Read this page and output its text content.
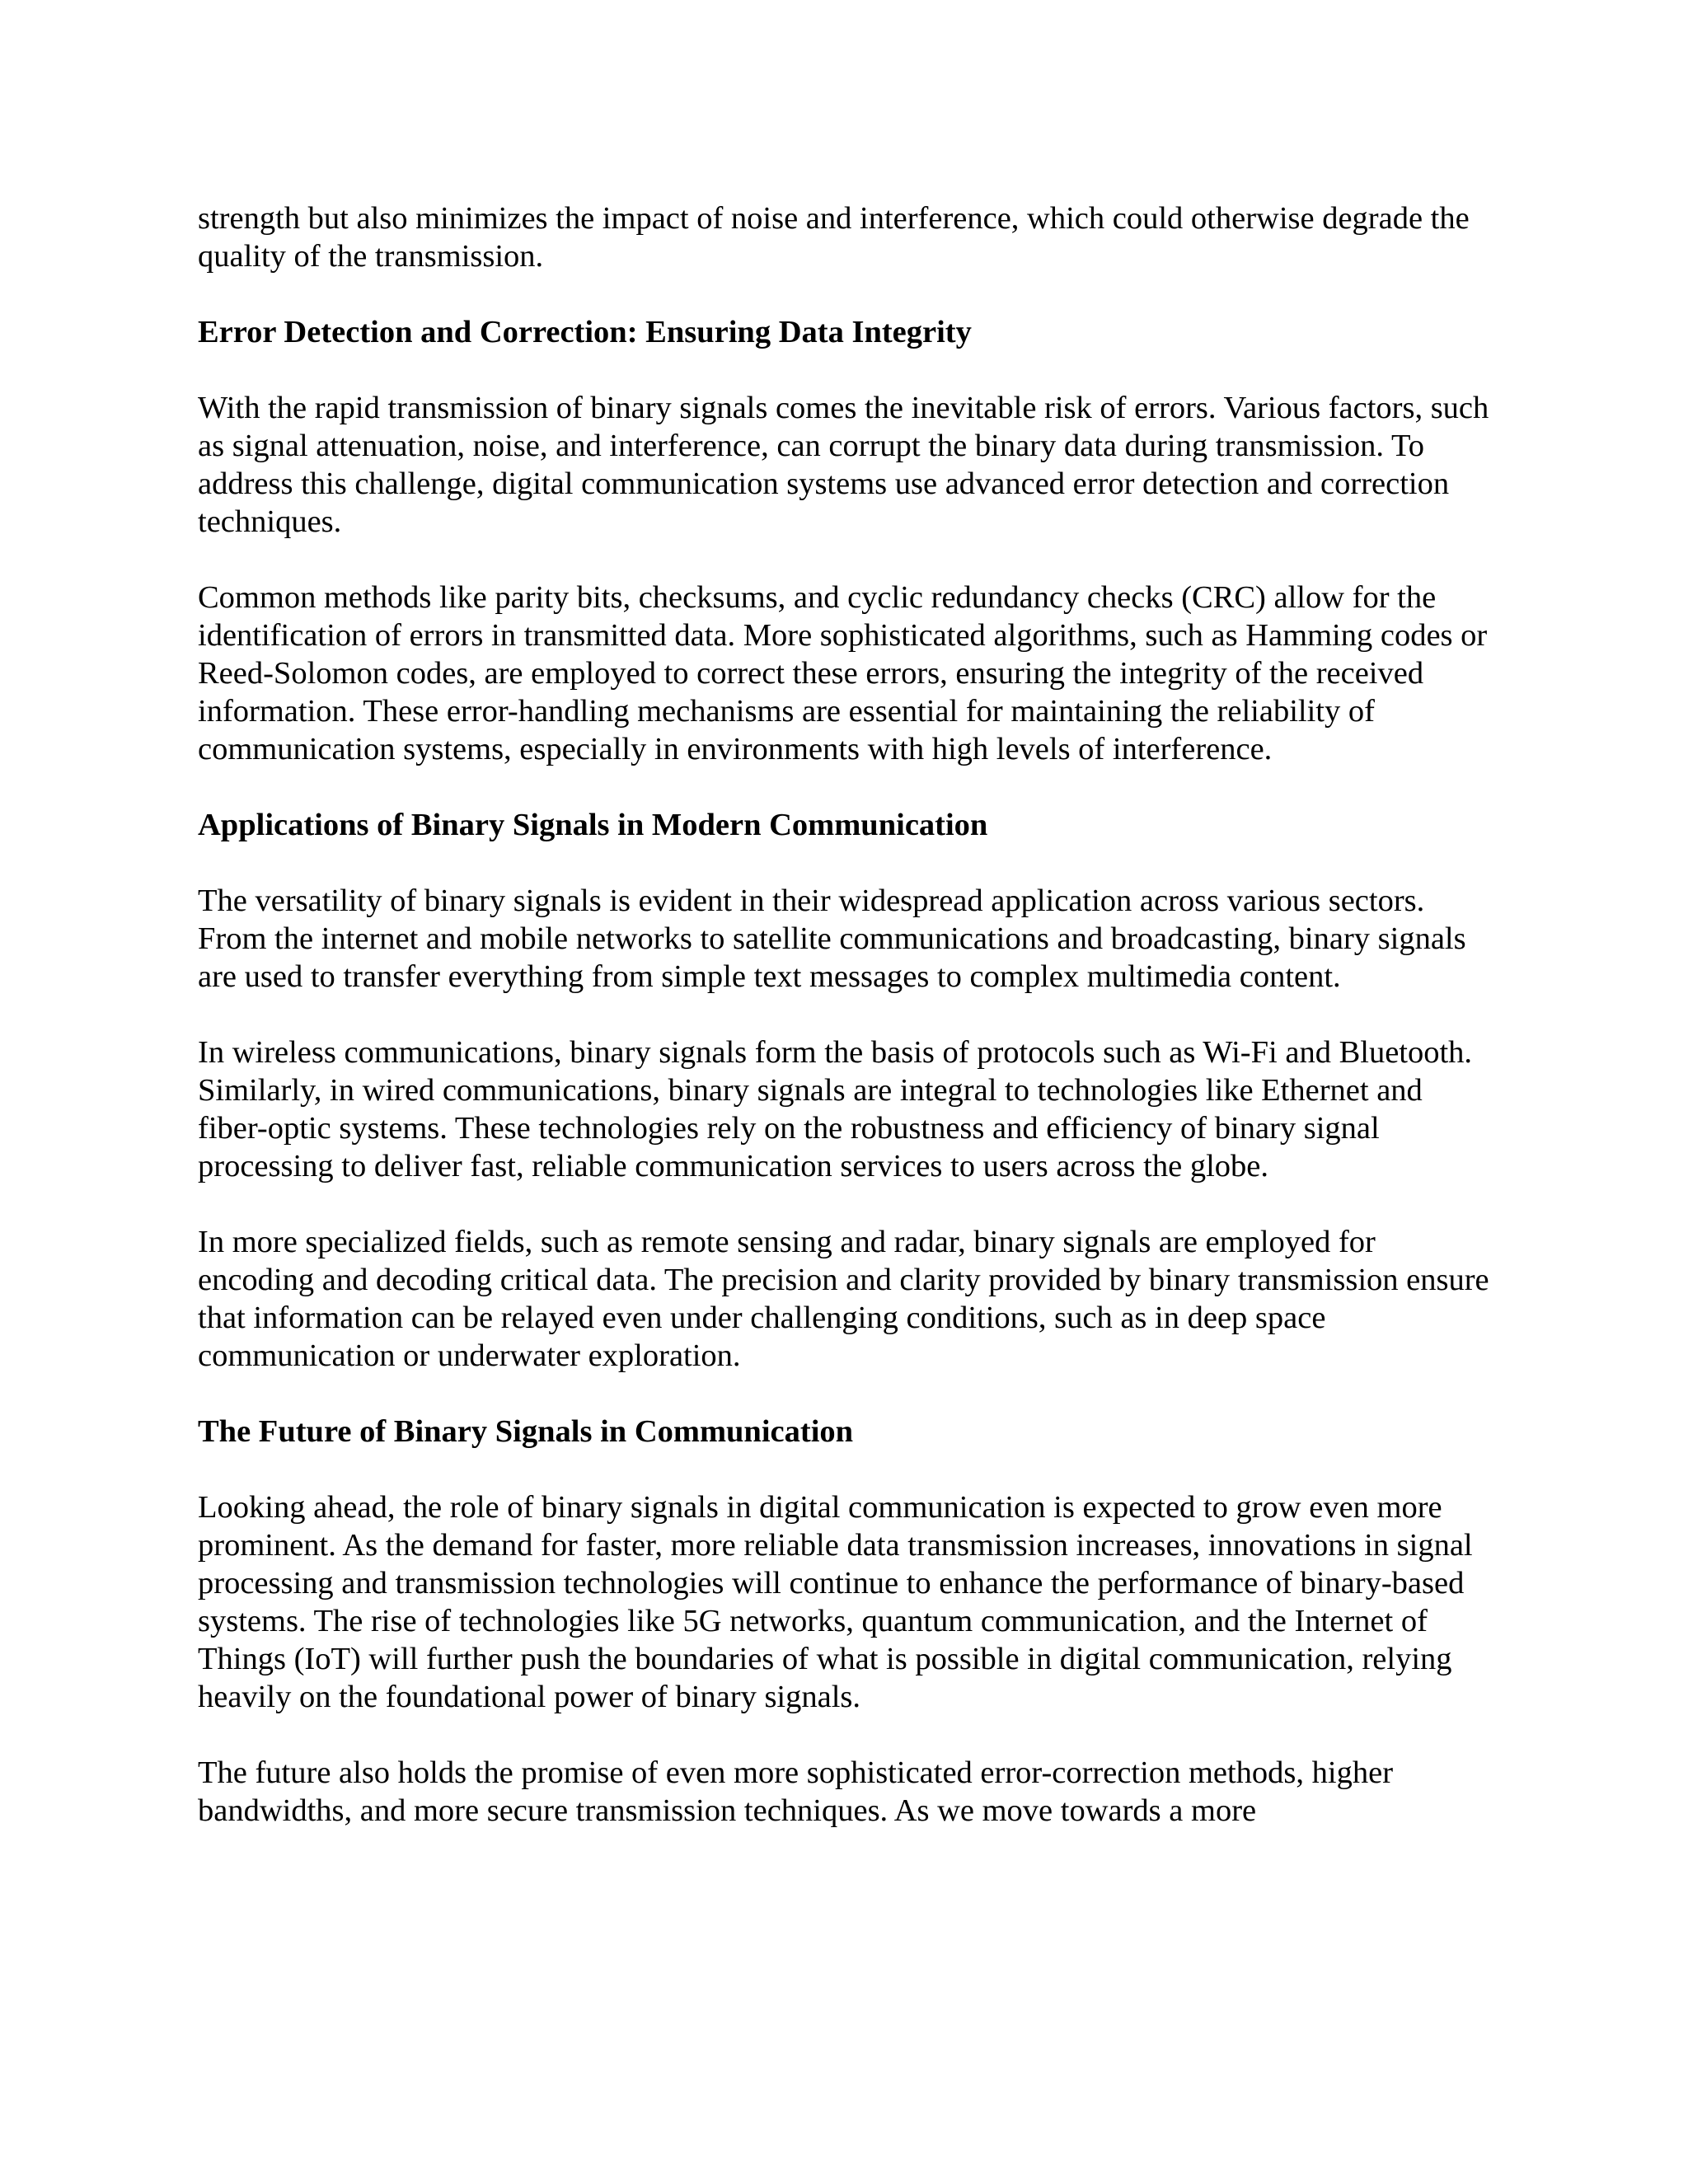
strength but also minimizes the impact of noise and interference, which could otherwise degrade the quality of the transmission.

Error Detection and Correction: Ensuring Data Integrity

With the rapid transmission of binary signals comes the inevitable risk of errors. Various factors, such as signal attenuation, noise, and interference, can corrupt the binary data during transmission. To address this challenge, digital communication systems use advanced error detection and correction techniques.

Common methods like parity bits, checksums, and cyclic redundancy checks (CRC) allow for the identification of errors in transmitted data. More sophisticated algorithms, such as Hamming codes or Reed-Solomon codes, are employed to correct these errors, ensuring the integrity of the received information. These error-handling mechanisms are essential for maintaining the reliability of communication systems, especially in environments with high levels of interference.

Applications of Binary Signals in Modern Communication

The versatility of binary signals is evident in their widespread application across various sectors. From the internet and mobile networks to satellite communications and broadcasting, binary signals are used to transfer everything from simple text messages to complex multimedia content.

In wireless communications, binary signals form the basis of protocols such as Wi-Fi and Bluetooth. Similarly, in wired communications, binary signals are integral to technologies like Ethernet and fiber-optic systems. These technologies rely on the robustness and efficiency of binary signal processing to deliver fast, reliable communication services to users across the globe.

In more specialized fields, such as remote sensing and radar, binary signals are employed for encoding and decoding critical data. The precision and clarity provided by binary transmission ensure that information can be relayed even under challenging conditions, such as in deep space communication or underwater exploration.

The Future of Binary Signals in Communication

Looking ahead, the role of binary signals in digital communication is expected to grow even more prominent. As the demand for faster, more reliable data transmission increases, innovations in signal processing and transmission technologies will continue to enhance the performance of binary-based systems. The rise of technologies like 5G networks, quantum communication, and the Internet of Things (IoT) will further push the boundaries of what is possible in digital communication, relying heavily on the foundational power of binary signals.

The future also holds the promise of even more sophisticated error-correction methods, higher bandwidths, and more secure transmission techniques. As we move towards a more
